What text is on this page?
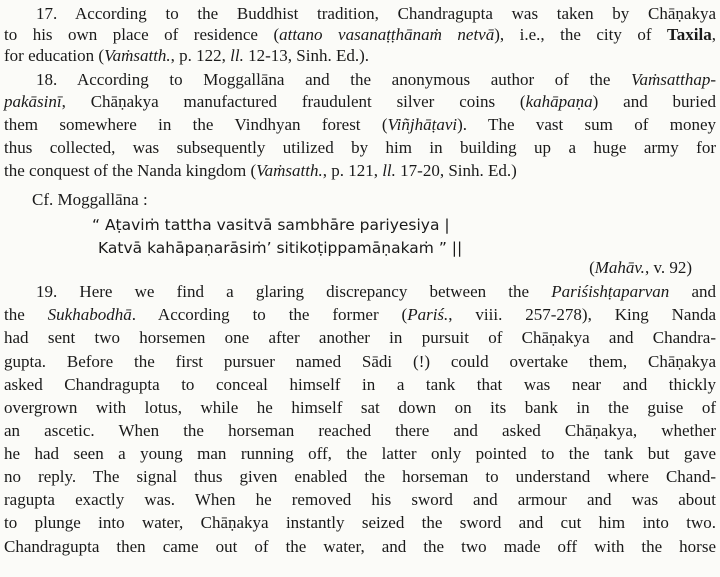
17. According to the Buddhist tradition, Chandragupta was taken by Chāṇakya
to his own place of residence (attano vasanaṭṭhānaṁ netvā), i.e., the city of Taxila,
for education (Vaṁsatth., p. 122, ll. 12-13, Sinh. Ed.).
18. According to Moggallāna and the anonymous author of the Vaṁsatthap-
pakāsinī, Chāṇakya manufactured fraudulent silver coins (kahāpaṇa) and buried
them somewhere in the Vindhyan forest (Viñjhāṭavi). The vast sum of money
thus collected, was subsequently utilized by him in building up a huge army for
the conquest of the Nanda kingdom (Vaṁsatth., p. 121, ll. 17-20, Sinh. Ed.)
Cf. Moggallāna :
“ Aṭaviṁ tattha vasitvā sambhāre pariyesiya |
Katvā kahāpaṇarāsiṁ’ sitikoṭippamāṇakaṁ ” ||
(Mahāv., v. 92)
19. Here we find a glaring discrepancy between the Pariśishṭaparvan and
the Sukhabodhā. According to the former (Pariś., viii. 257-278), King Nanda
had sent two horsemen one after another in pursuit of Chāṇakya and Chandra-
gupta. Before the first pursuer named Sādi (!) could overtake them, Chāṇakya
asked Chandragupta to conceal himself in a tank that was near and thickly
overgrown with lotus, while he himself sat down on its bank in the guise of
an ascetic. When the horseman reached there and asked Chāṇakya, whether
he had seen a young man running off, the latter only pointed to the tank but gave
no reply. The signal thus given enabled the horseman to understand where Chand-
ragupta exactly was. When he removed his sword and armour and was about
to plunge into water, Chāṇakya instantly seized the sword and cut him into two.
Chandragupta then came out of the water, and the two made off with the horse
